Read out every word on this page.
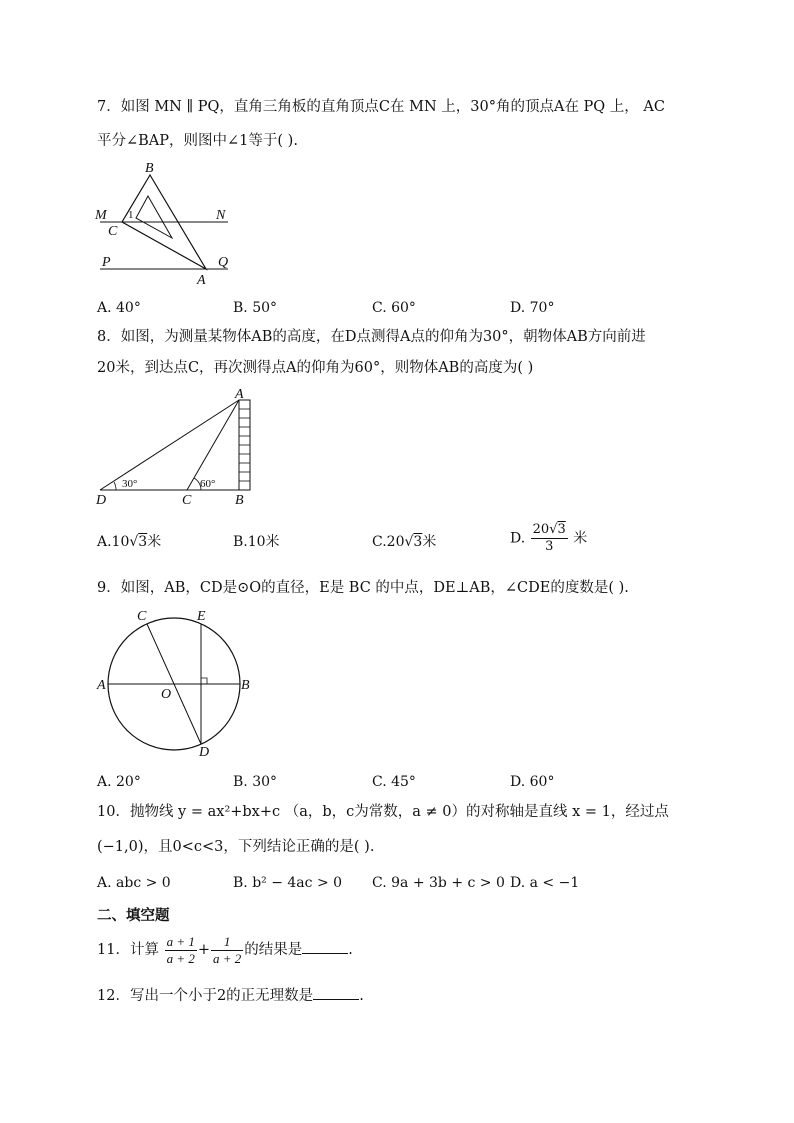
7．如图 MN ∥ PQ，直角三角板的直角顶点C在 MN 上，30°角的顶点A在 PQ 上， AC
平分∠BAP，则图中∠1等于( ).
B
M	N
C
1
P	Q
A
A. 40°	B. 50°	C. 60°	D. 70°
8．如图，为测量某物体AB的高度，在D点测得A点的仰角为30°，朝物体AB方向前进
20米，到达点C，再次测得点A的仰角为60°，则物体AB的高度为( )
A
D	C	B
30°	60°
A.10√3米	B.10米	C.20√3米	D. $\frac{20√3}{3}$ 米
9．如图，AB，CD是⊙O的直径，E是 BC 的中点，DE⊥AB，∠CDE的度数是( ).
C	E
A
O
B
D
A. 20°	B. 30°	C. 45°	D. 60°
10．抛物线 y = ax²+bx+c （a，b，c为常数，a ≠ 0）的对称轴是直线 x = 1，经过点
(−1,0)，且0<c<3，下列结论正确的是( ).
A. abc > 0	B. b² − 4ac > 0 C. 9a + 3b + c > 0 D. a < −1
二、填空题
11．计算 $\frac{a + 1}{a + 2} + \frac{1}{a + 2}$ 的结果是	.
12．写出一个小于2的正无理数是	.
